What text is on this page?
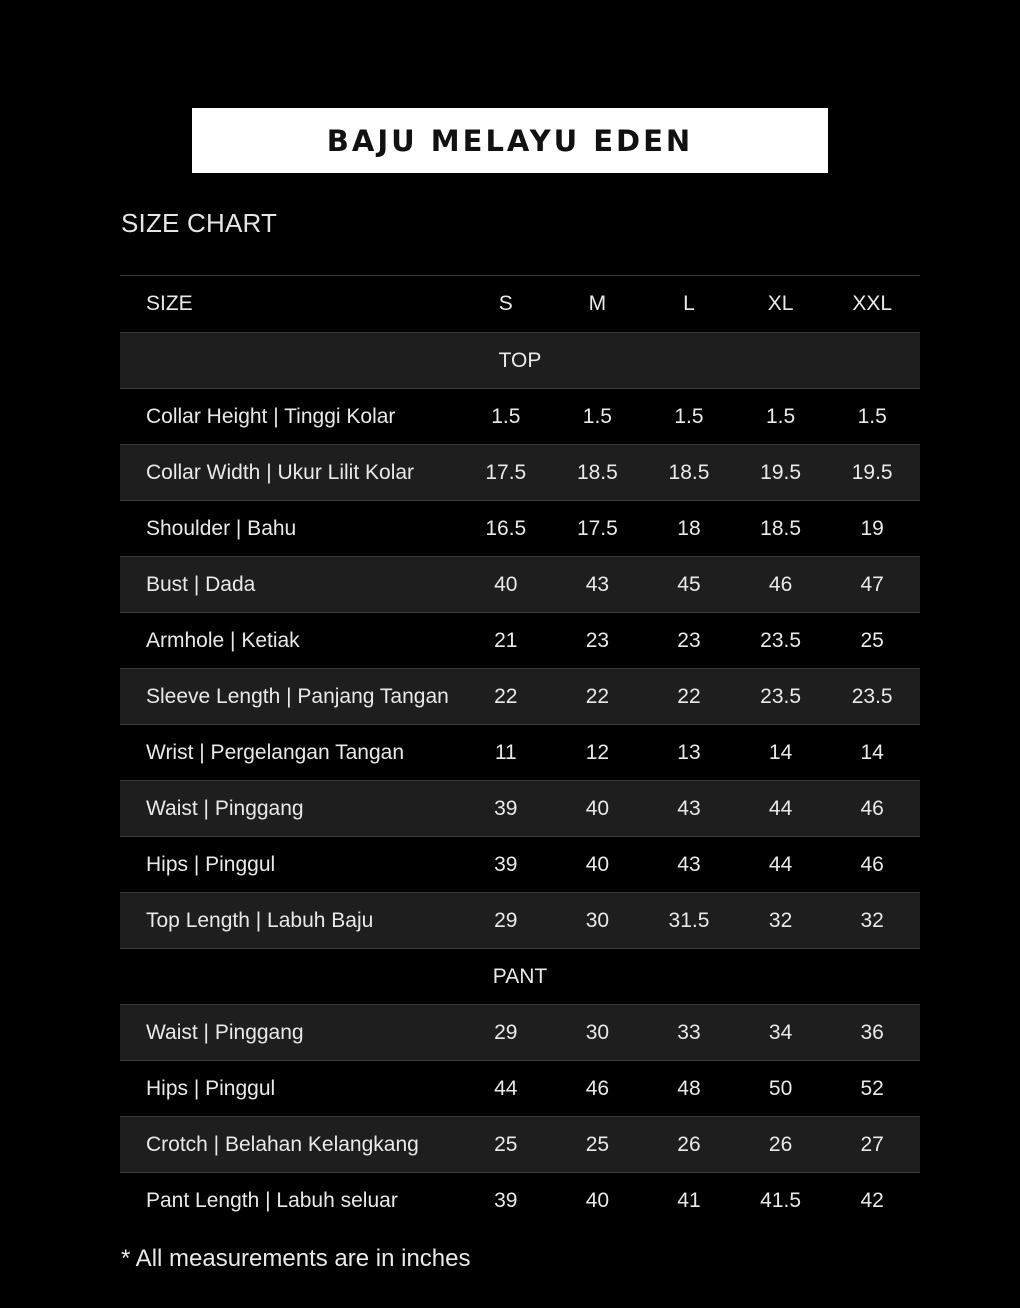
BAJU MELAYU EDEN
SIZE CHART
SIZE	S	M	L	XL	XXL
TOP
Collar Height | Tinggi Kolar	1.5	1.5	1.5	1.5	1.5
Collar Width | Ukur Lilit Kolar	17.5	18.5	18.5	19.5	19.5
Shoulder | Bahu	16.5	17.5	18	18.5	19
Bust | Dada	40	43	45	46	47
Armhole | Ketiak	21	23	23	23.5	25
Sleeve Length | Panjang Tangan	22	22	22	23.5	23.5
Wrist | Pergelangan Tangan	11	12	13	14	14
Waist | Pinggang	39	40	43	44	46
Hips | Pinggul	39	40	43	44	46
Top Length | Labuh Baju	29	30	31.5	32	32
PANT
Waist | Pinggang	29	30	33	34	36
Hips | Pinggul	44	46	48	50	52
Crotch | Belahan Kelangkang	25	25	26	26	27
Pant Length | Labuh seluar	39	40	41	41.5	42
* All measurements are in inches
